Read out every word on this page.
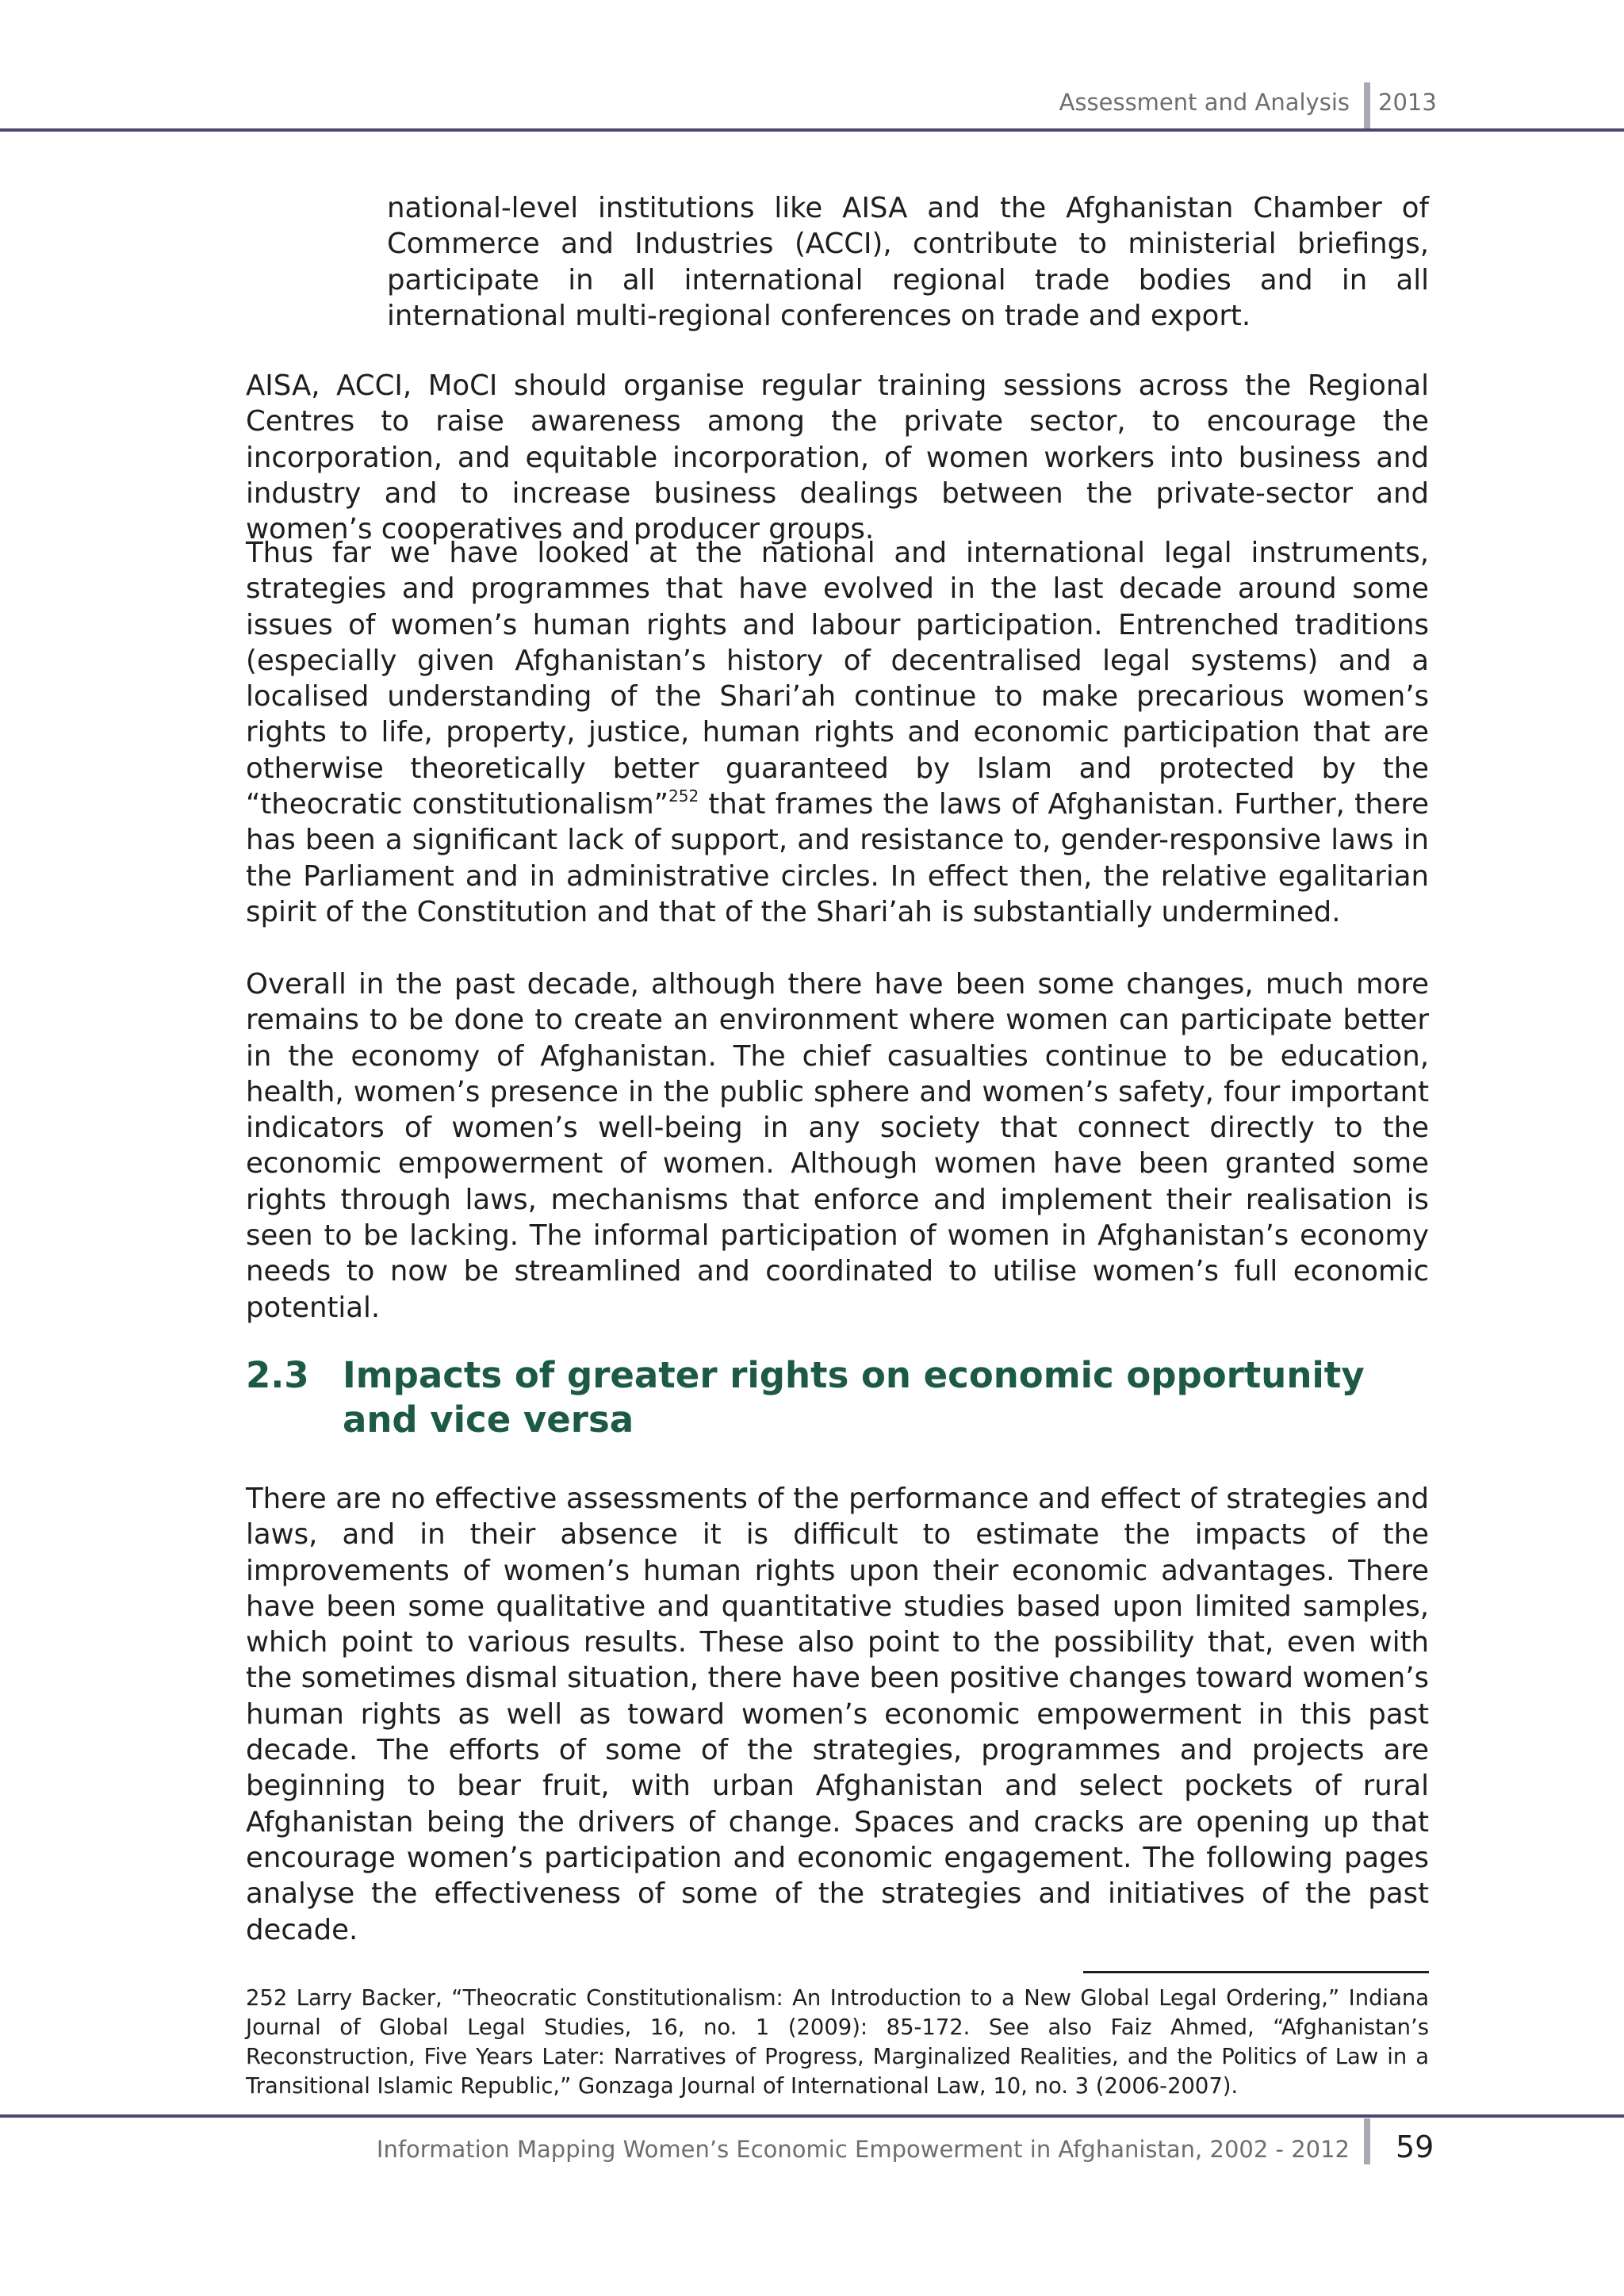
Assessment and Analysis 2013

national-level institutions like AISA and the Afghanistan Chamber of Commerce and Industries (ACCI), contribute to ministerial briefings, participate in all international regional trade bodies and in all international multi-regional conferences on trade and export.

AISA, ACCI, MoCI should organise regular training sessions across the Regional Centres to raise awareness among the private sector, to encourage the incorporation, and equitable incorporation, of women workers into business and industry and to increase business dealings between the private-sector and women’s cooperatives and producer groups.

Thus far we have looked at the national and international legal instruments, strategies and programmes that have evolved in the last decade around some issues of women’s human rights and labour participation. Entrenched traditions (especially given Afghanistan’s history of decentralised legal systems) and a localised understanding of the Shari’ah continue to make precarious women’s rights to life, property, justice, human rights and economic participation that are otherwise theoretically better guaranteed by Islam and protected by the “theocratic constitutionalism”$^{252}$ that frames the laws of Afghanistan. Further, there has been a significant lack of support, and resistance to, gender-responsive laws in the Parliament and in administrative circles. In effect then, the relative egalitarian spirit of the Constitution and that of the Shari’ah is substantially undermined.

Overall in the past decade, although there have been some changes, much more remains to be done to create an environment where women can participate better in the economy of Afghanistan. The chief casualties continue to be education, health, women’s presence in the public sphere and women’s safety, four important indicators of women’s well-being in any society that connect directly to the economic empowerment of women. Although women have been granted some rights through laws, mechanisms that enforce and implement their realisation is seen to be lacking. The informal participation of women in Afghanistan’s economy needs to now be streamlined and coordinated to utilise women’s full economic potential.

2.3 Impacts of greater rights on economic opportunity and vice versa

There are no effective assessments of the performance and effect of strategies and laws, and in their absence it is difficult to estimate the impacts of the improvements of women’s human rights upon their economic advantages. There have been some qualitative and quantitative studies based upon limited samples, which point to various results. These also point to the possibility that, even with the sometimes dismal situation, there have been positive changes toward women’s human rights as well as toward women’s economic empowerment in this past decade. The efforts of some of the strategies, programmes and projects are beginning to bear fruit, with urban Afghanistan and select pockets of rural Afghanistan being the drivers of change. Spaces and cracks are opening up that encourage women’s participation and economic engagement. The following pages analyse the effectiveness of some of the strategies and initiatives of the past decade.

252 Larry Backer, “Theocratic Constitutionalism: An Introduction to a New Global Legal Ordering,” Indiana Journal of Global Legal Studies, 16, no. 1 (2009): 85-172. See also Faiz Ahmed, “Afghanistan’s Reconstruction, Five Years Later: Narratives of Progress, Marginalized Realities, and the Politics of Law in a Transitional Islamic Republic,” Gonzaga Journal of International Law, 10, no. 3 (2006-2007).
Information Mapping Women’s Economic Empowerment in Afghanistan, 2002 - 2012 59
